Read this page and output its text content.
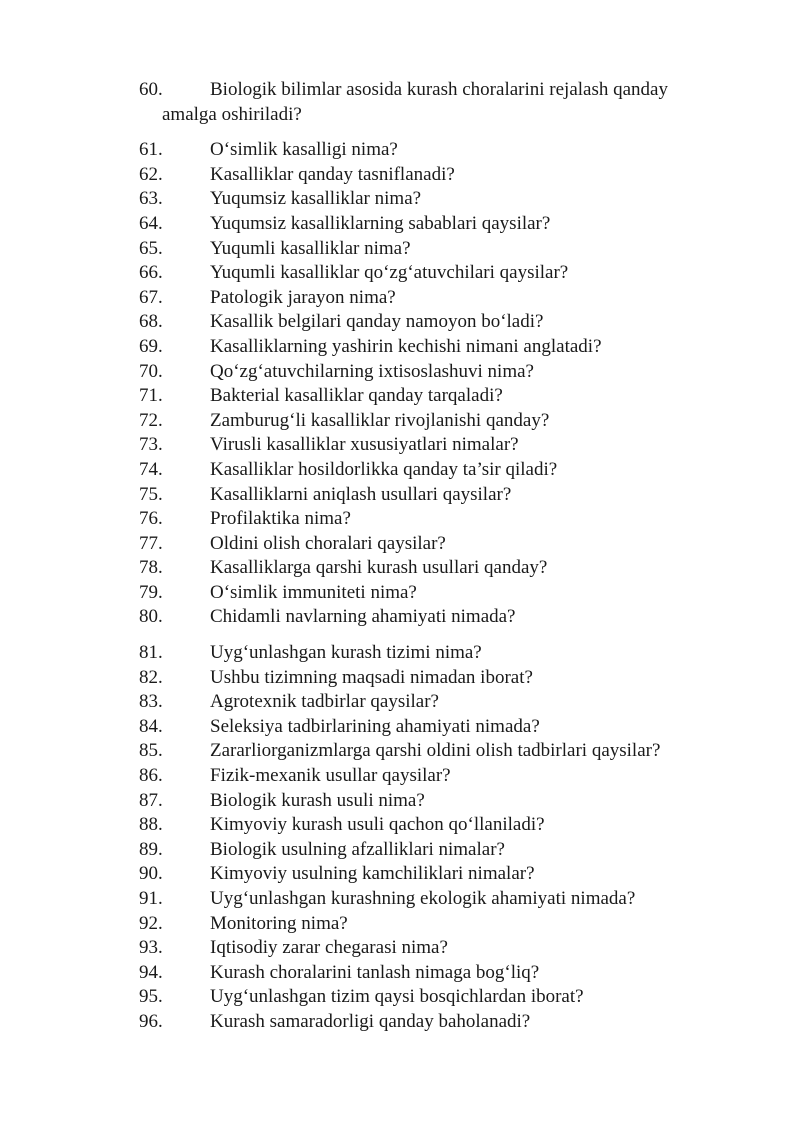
60.	Biologik bilimlar asosida kurash choralarini rejalash qanday
amalga oshiriladi?
61.	O‘simlik kasalligi nima?
62.	Kasalliklar qanday tasniflanadi?
63.	Yuqumsiz kasalliklar nima?
64.	Yuqumsiz kasalliklarning sabablari qaysilar?
65.	Yuqumli kasalliklar nima?
66.	Yuqumli kasalliklar qo‘zg‘atuvchilari qaysilar?
67.	Patologik jarayon nima?
68.	Kasallik belgilari qanday namoyon bo‘ladi?
69.	Kasalliklarning yashirin kechishi nimani anglatadi?
70.	Qo‘zg‘atuvchilarning ixtisoslashuvi nima?
71.	Bakterial kasalliklar qanday tarqaladi?
72.	Zamburug‘li kasalliklar rivojlanishi qanday?
73.	Virusli kasalliklar xususiyatlari nimalar?
74.	Kasalliklar hosildorlikka qanday ta’sir qiladi?
75.	Kasalliklarni aniqlash usullari qaysilar?
76.	Profilaktika nima?
77.	Oldini olish choralari qaysilar?
78.	Kasalliklarga qarshi kurash usullari qanday?
79.	O‘simlik immuniteti nima?
80.	Chidamli navlarning ahamiyati nimada?
81.	Uyg‘unlashgan kurash tizimi nima?
82.	Ushbu tizimning maqsadi nimadan iborat?
83.	Agrotexnik tadbirlar qaysilar?
84.	Seleksiya tadbirlarining ahamiyati nimada?
85.	Zararliorganizmlarga qarshi oldini olish tadbirlari qaysilar?
86.	Fizik-mexanik usullar qaysilar?
87.	Biologik kurash usuli nima?
88.	Kimyoviy kurash usuli qachon qo‘llaniladi?
89.	Biologik usulning afzalliklari nimalar?
90.	Kimyoviy usulning kamchiliklari nimalar?
91.	Uyg‘unlashgan kurashning ekologik ahamiyati nimada?
92.	Monitoring nima?
93.	Iqtisodiy zarar chegarasi nima?
94.	Kurash choralarini tanlash nimaga bog‘liq?
95.	Uyg‘unlashgan tizim qaysi bosqichlardan iborat?
96.	Kurash samaradorligi qanday baholanadi?
